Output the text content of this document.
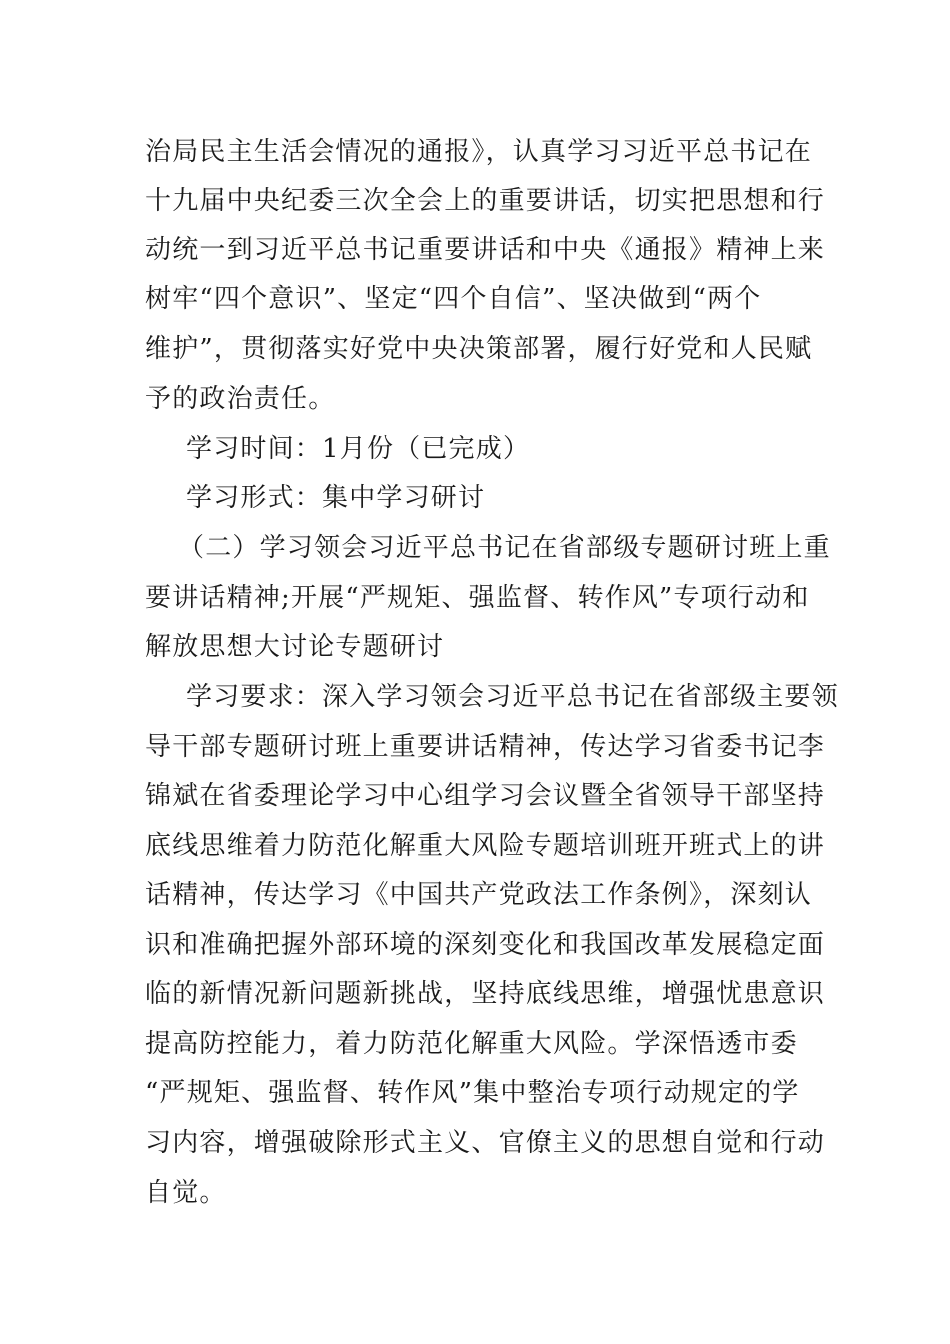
治局民主生活会情况的通报》，认真学习习近平总书记在
十九届中央纪委三次全会上的重要讲话，切实把思想和行
动统一到习近平总书记重要讲话和中央《通报》精神上来
树牢“四个意识”、坚定“四个自信”、坚决做到“两个
维护”，贯彻落实好党中央决策部署，履行好党和人民赋
予的政治责任。
学习时间：1月份（已完成）
学习形式：集中学习研讨
（二）学习领会习近平总书记在省部级专题研讨班上重
要讲话精神;开展“严规矩、强监督、转作风”专项行动和
解放思想大讨论专题研讨
学习要求：深入学习领会习近平总书记在省部级主要领
导干部专题研讨班上重要讲话精神，传达学习省委书记李
锦斌在省委理论学习中心组学习会议暨全省领导干部坚持
底线思维着力防范化解重大风险专题培训班开班式上的讲
话精神，传达学习《中国共产党政法工作条例》，深刻认
识和准确把握外部环境的深刻变化和我国改革发展稳定面
临的新情况新问题新挑战，坚持底线思维，增强忧患意识
提高防控能力，着力防范化解重大风险。学深悟透市委
“严规矩、强监督、转作风”集中整治专项行动规定的学
习内容，增强破除形式主义、官僚主义的思想自觉和行动
自觉。
